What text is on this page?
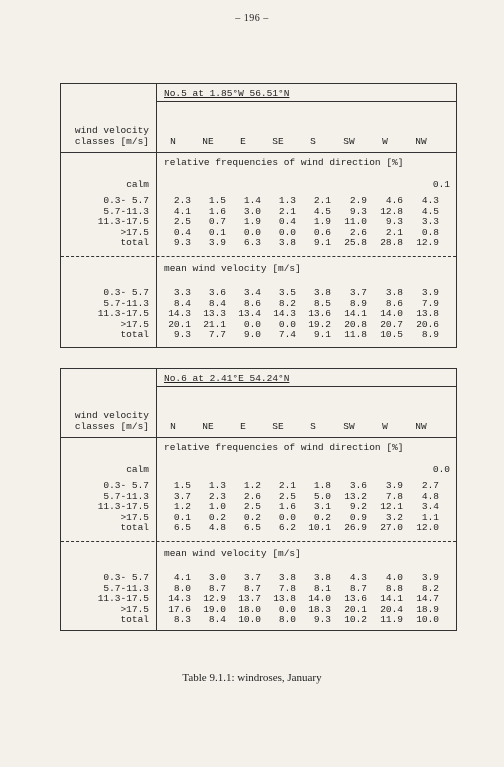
– 196 –
No.5 at 1.85°W 56.51°N
wind velocity
classes [m/s]	N	NE	E	SE	S	SW	W	NW
relative frequencies of wind direction [%]
mean wind velocity [m/s]
calm	0.1
0.3- 5.7	2.3	1.5	1.4	1.3	2.1	2.9	4.6	4.3
5.7-11.3	4.1	1.6	3.0	2.1	4.5	9.3	12.8	4.5
11.3-17.5	2.5	0.7	1.9	0.4	1.9	11.0	9.3	3.3
>17.5	0.4	0.1	0.0	0.0	0.6	2.6	2.1	0.8
total	9.3	3.9	6.3	3.8	9.1	25.8	28.8	12.9
0.3- 5.7	3.3	3.6	3.4	3.5	3.8	3.7	3.8	3.9
5.7-11.3	8.4	8.4	8.6	8.2	8.5	8.9	8.6	7.9
11.3-17.5	14.3	13.3	13.4	14.3	13.6	14.1	14.0	13.8
>17.5	20.1	21.1	0.0	0.0	19.2	20.8	20.7	20.6
total	9.3	7.7	9.0	7.4	9.1	11.8	10.5	8.9
No.6 at 2.41°E 54.24°N
wind velocity
classes [m/s]	N	NE	E	SE	S	SW	W	NW
relative frequencies of wind direction [%]
mean wind velocity [m/s]
calm	0.0
0.3- 5.7	1.5	1.3	1.2	2.1	1.8	3.6	3.9	2.7
5.7-11.3	3.7	2.3	2.6	2.5	5.0	13.2	7.8	4.8
11.3-17.5	1.2	1.0	2.5	1.6	3.1	9.2	12.1	3.4
>17.5	0.1	0.2	0.2	0.0	0.2	0.9	3.2	1.1
total	6.5	4.8	6.5	6.2	10.1	26.9	27.0	12.0
0.3- 5.7	4.1	3.0	3.7	3.8	3.8	4.3	4.0	3.9
5.7-11.3	8.0	8.7	8.7	7.8	8.1	8.7	8.8	8.2
11.3-17.5	14.3	12.9	13.7	13.8	14.0	13.6	14.1	14.7
>17.5	17.6	19.0	18.0	0.0	18.3	20.1	20.4	18.9
total	8.3	8.4	10.0	8.0	9.3	10.2	11.9	10.0
Table 9.1.1: windroses, January
